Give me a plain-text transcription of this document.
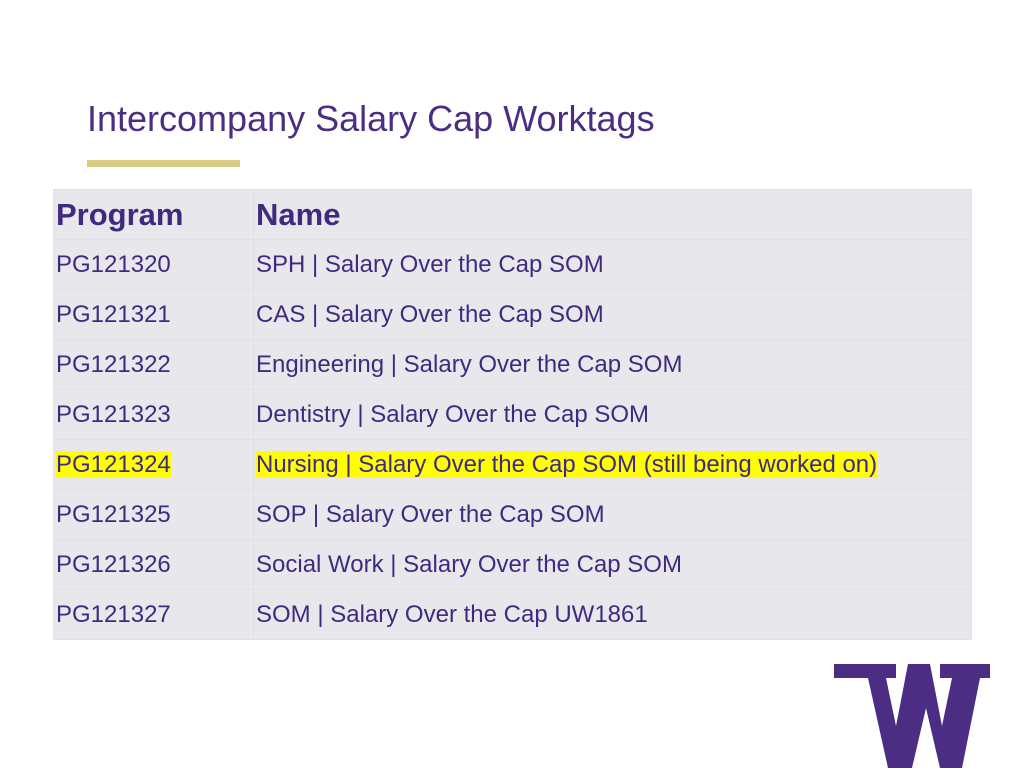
Intercompany Salary Cap Worktags
Program	Name
PG121320	SPH | Salary Over the Cap SOM
PG121321	CAS | Salary Over the Cap SOM
PG121322	Engineering | Salary Over the Cap SOM
PG121323	Dentistry | Salary Over the Cap SOM
PG121324	Nursing | Salary Over the Cap SOM (still being worked on)
PG121325	SOP | Salary Over the Cap SOM
PG121326	Social Work | Salary Over the Cap SOM
PG121327	SOM | Salary Over the Cap UW1861
